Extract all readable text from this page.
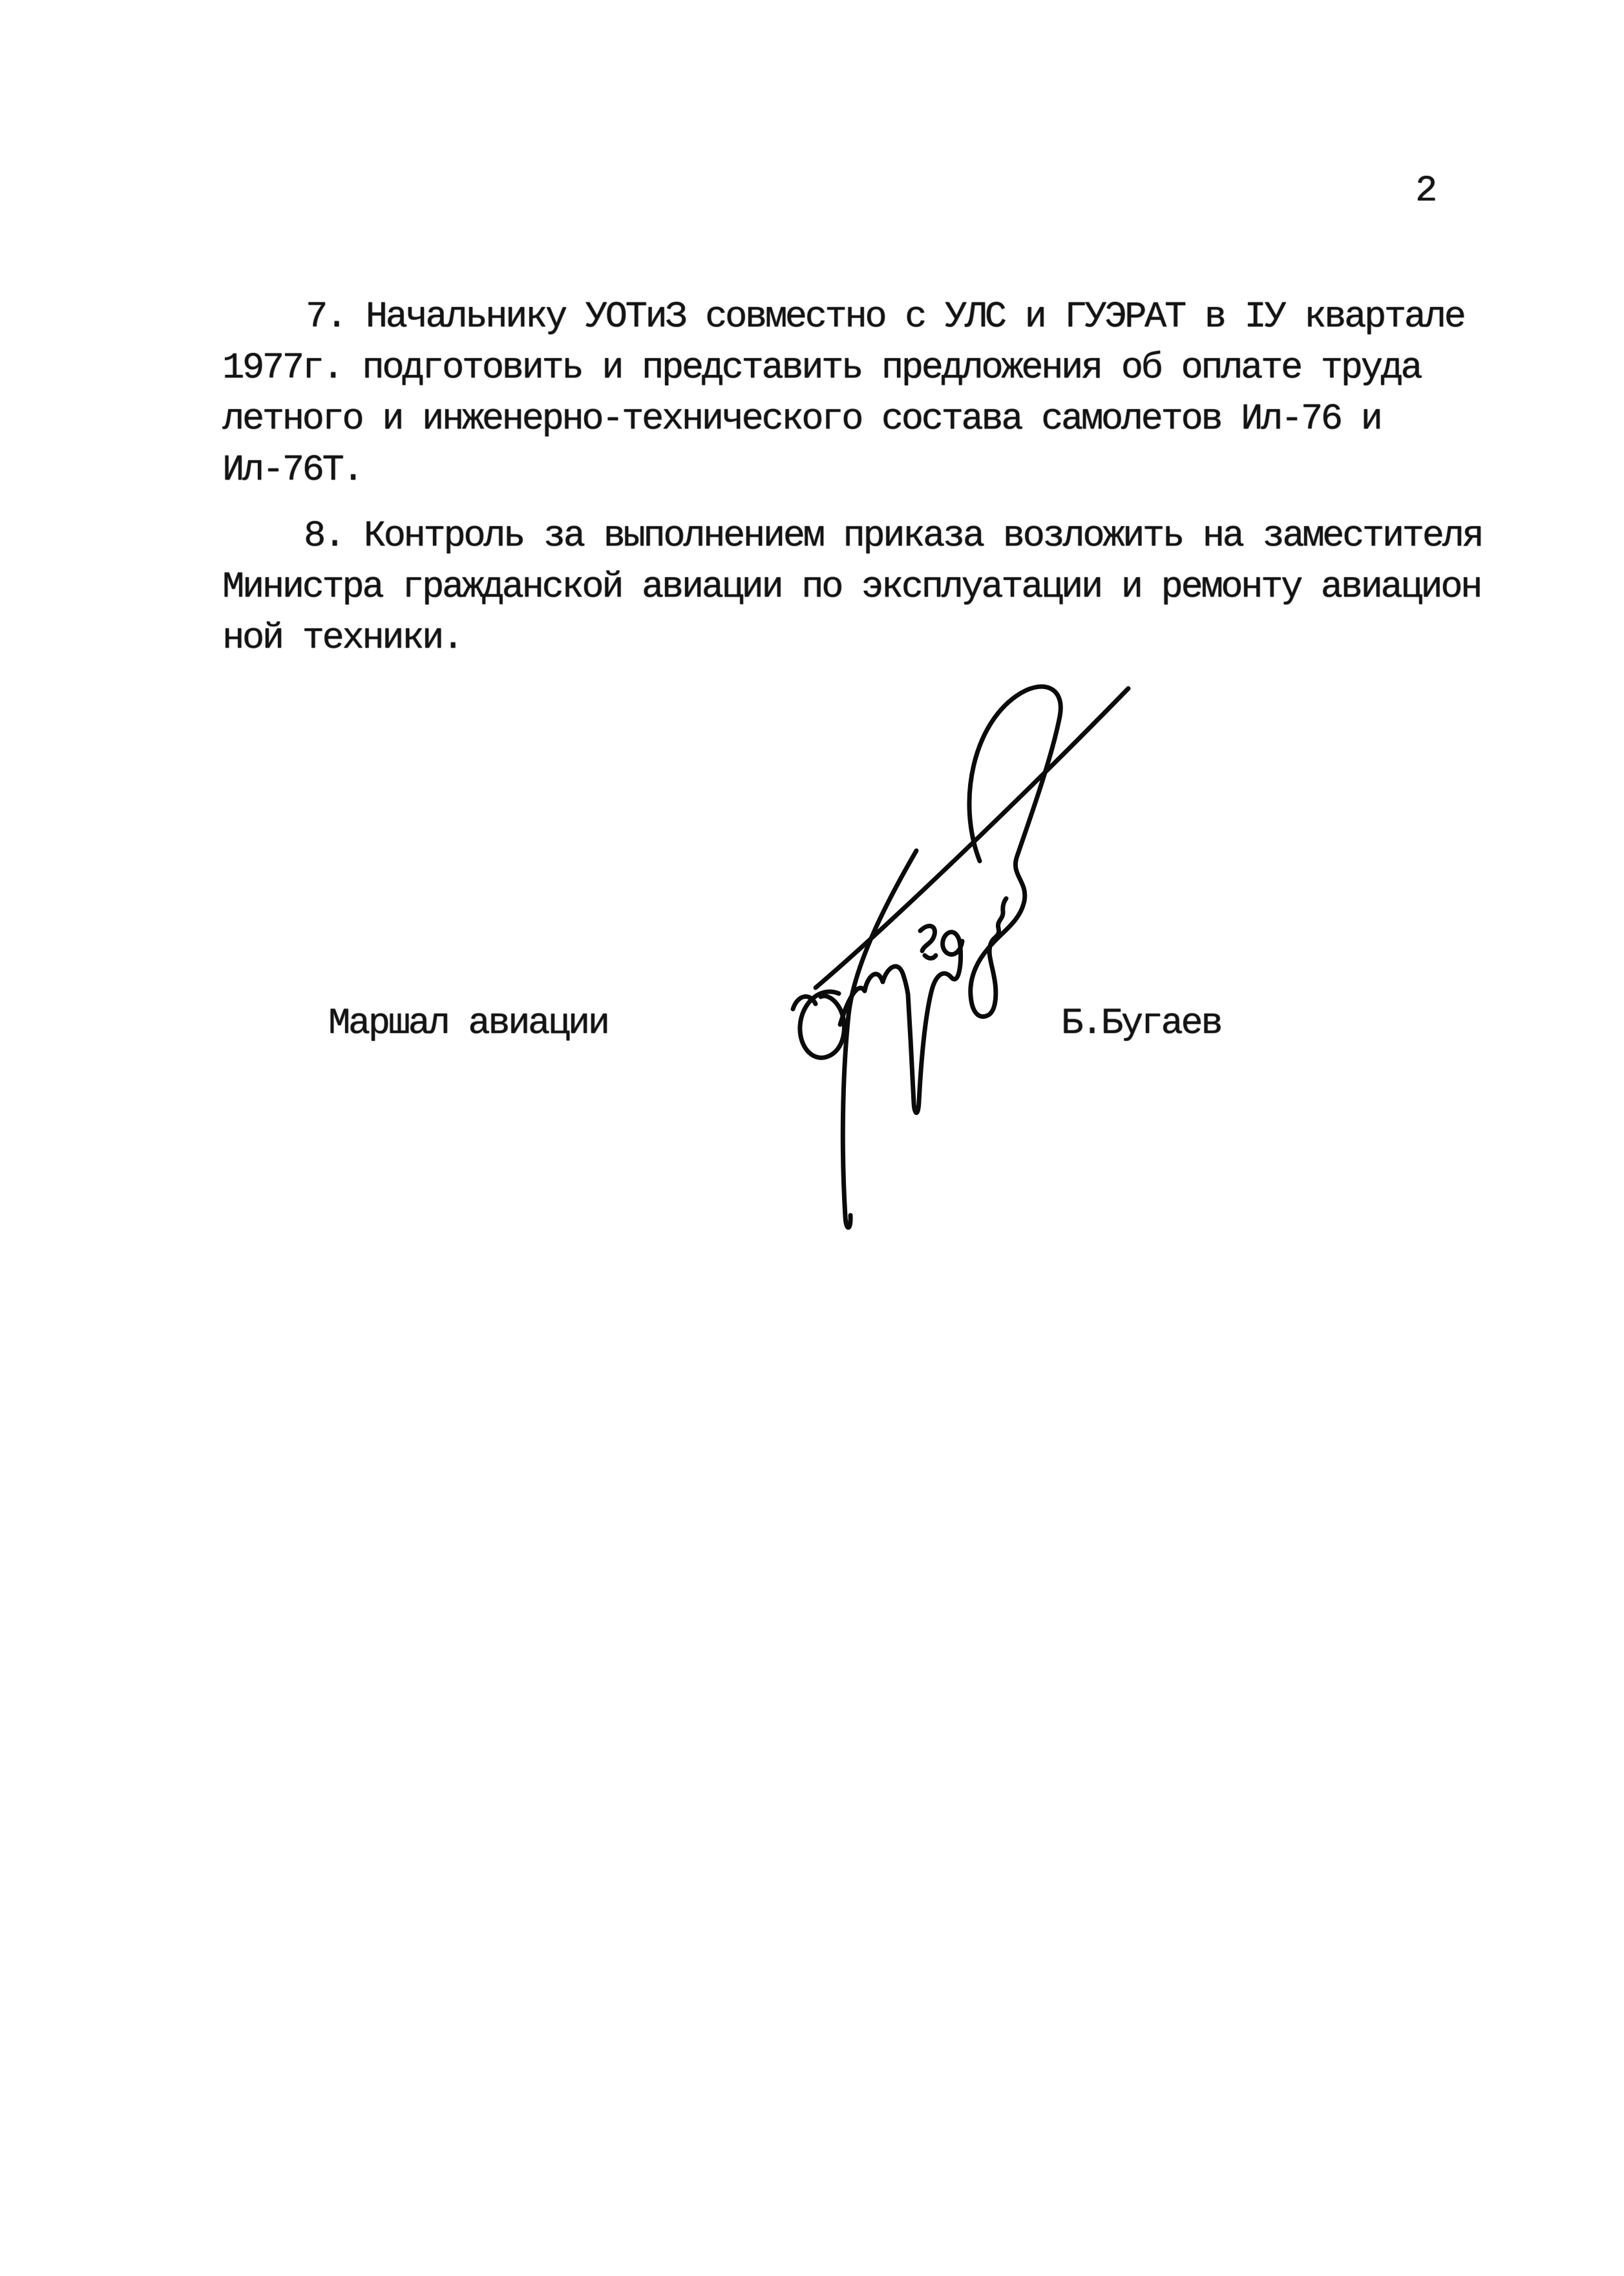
2
7. Начальнику УОТиЗ совместно с УЛС и ГУЭРАТ в IУ квартале
1977г. подготовить и представить предложения об оплате труда
летного и инженерно-технического состава самолетов Ил-76 и
Ил-76Т.
8. Контроль за выполнением приказа возложить на заместителя
Министра гражданской авиации по эксплуатации и ремонту авиацион
ной техники.
Маршал авиации	Б.Бугаев
